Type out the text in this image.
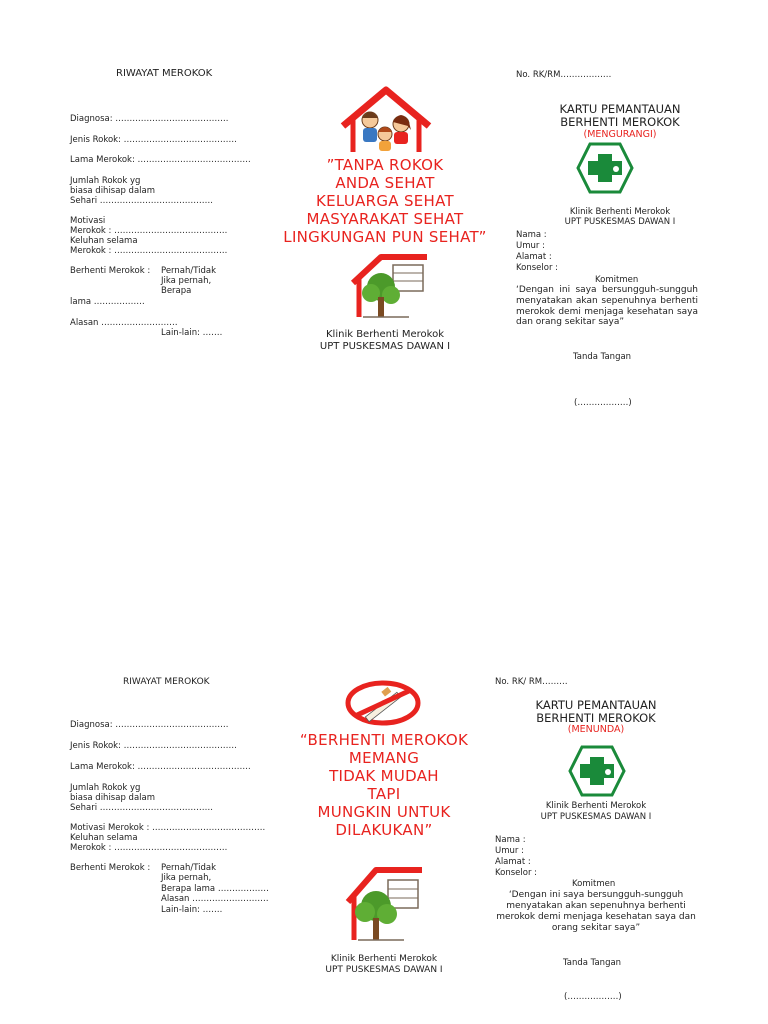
RIWAYAT MEROKOK
Diagnosa: ………………………………….
Jenis Rokok: ………………………………….
Lama Merokok: ………………………………….
Jumlah Rokok yg
biasa dihisap dalam
Sehari ………………………………….
Motivasi
Merokok : ………………………………….
Keluhan selama
Merokok : ………………………………….
Berhenti Merokok : Pernah/Tidak
Jika pernah,
Berapa
lama ………………
Alasan ………………………
Lain-lain: …….
”TANPA ROKOK
ANDA SEHAT
KELUARGA SEHAT
MASYARAKAT SEHAT
LINGKUNGAN PUN SEHAT”
Klinik Berhenti Merokok
UPT PUSKESMAS DAWAN I
No. RK/RM………………
KARTU PEMANTAUAN
BERHENTI MEROKOK
(MENGURANGI)
Klinik Berhenti Merokok
UPT PUSKESMAS DAWAN I
Nama :
Umur :
Alamat :
Konselor :
Komitmen
‘Dengan ini saya bersungguh-sungguh menyatakan akan sepenuhnya berhenti merokok demi menjaga kesehatan saya dan orang sekitar saya”
Tanda Tangan
(………………)
RIWAYAT MEROKOK
Diagnosa: ………………………………….
Jenis Rokok: ………………………………….
Lama Merokok: ………………………………….
Jumlah Rokok yg
biasa dihisap dalam
Sehari ………………………………….
Motivasi Merokok : ………………………………….
Keluhan selama
Merokok : ………………………………….
Berhenti Merokok : Pernah/Tidak
Jika pernah,
Berapa lama ………………
Alasan ………………………
Lain-lain: …….
“BERHENTI MEROKOK
MEMANG
TIDAK MUDAH
TAPI
MUNGKIN UNTUK
DILAKUKAN”
Klinik Berhenti Merokok
UPT PUSKESMAS DAWAN I
No. RK/ RM………
KARTU PEMANTAUAN
BERHENTI MEROKOK
(MENUNDA)
Klinik Berhenti Merokok
UPT PUSKESMAS DAWAN I
Nama :
Umur :
Alamat :
Konselor :
Komitmen
‘Dengan ini saya bersungguh-sungguh menyatakan akan sepenuhnya berhenti merokok demi menjaga kesehatan saya dan orang sekitar saya”
Tanda Tangan
(………………)
